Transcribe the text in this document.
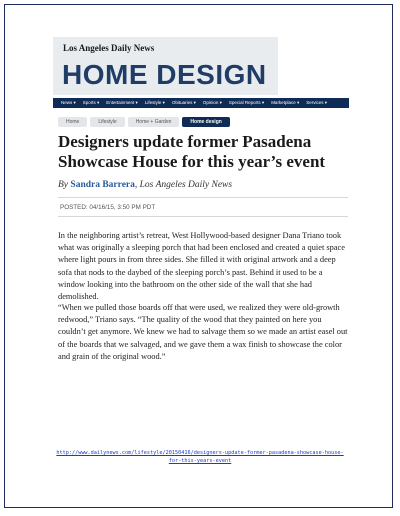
Los Angeles Daily News
HOME DESIGN
News ▾ Sports ▾ Entertainment ▾ Lifestyle ▾ Obituaries ▾ Opinion ▾ Special Reports ▾ Marketplace ▾ Services ▾
Home	Lifestyle	Home + Garden	Home design
Designers update former Pasadena Showcase House for this year’s event
By Sandra Barrera, Los Angeles Daily News
POSTED: 04/16/15, 3:50 PM PDT

In the neighboring artist’s retreat, West Hollywood-based designer Dana Triano took what was originally a sleeping porch that had been enclosed and created a quiet space where light pours in from three sides. She filled it with original artwork and a deep sofa that nods to the daybed of the sleeping porch’s past. Behind it used to be a window looking into the bathroom on the other side of the wall that she had demolished.

“When we pulled those boards off that were used, we realized they were old-growth redwood,” Triano says. “The quality of the wood that they painted on here you couldn’t get anymore. We knew we had to salvage them so we made an artist easel out of the boards that we salvaged, and we gave them a wax finish to showcase the color and grain of the original wood.”

http://www.dailynews.com/lifestyle/20150416/designers-update-former-pasadena-showcase-house-for-this-years-event
